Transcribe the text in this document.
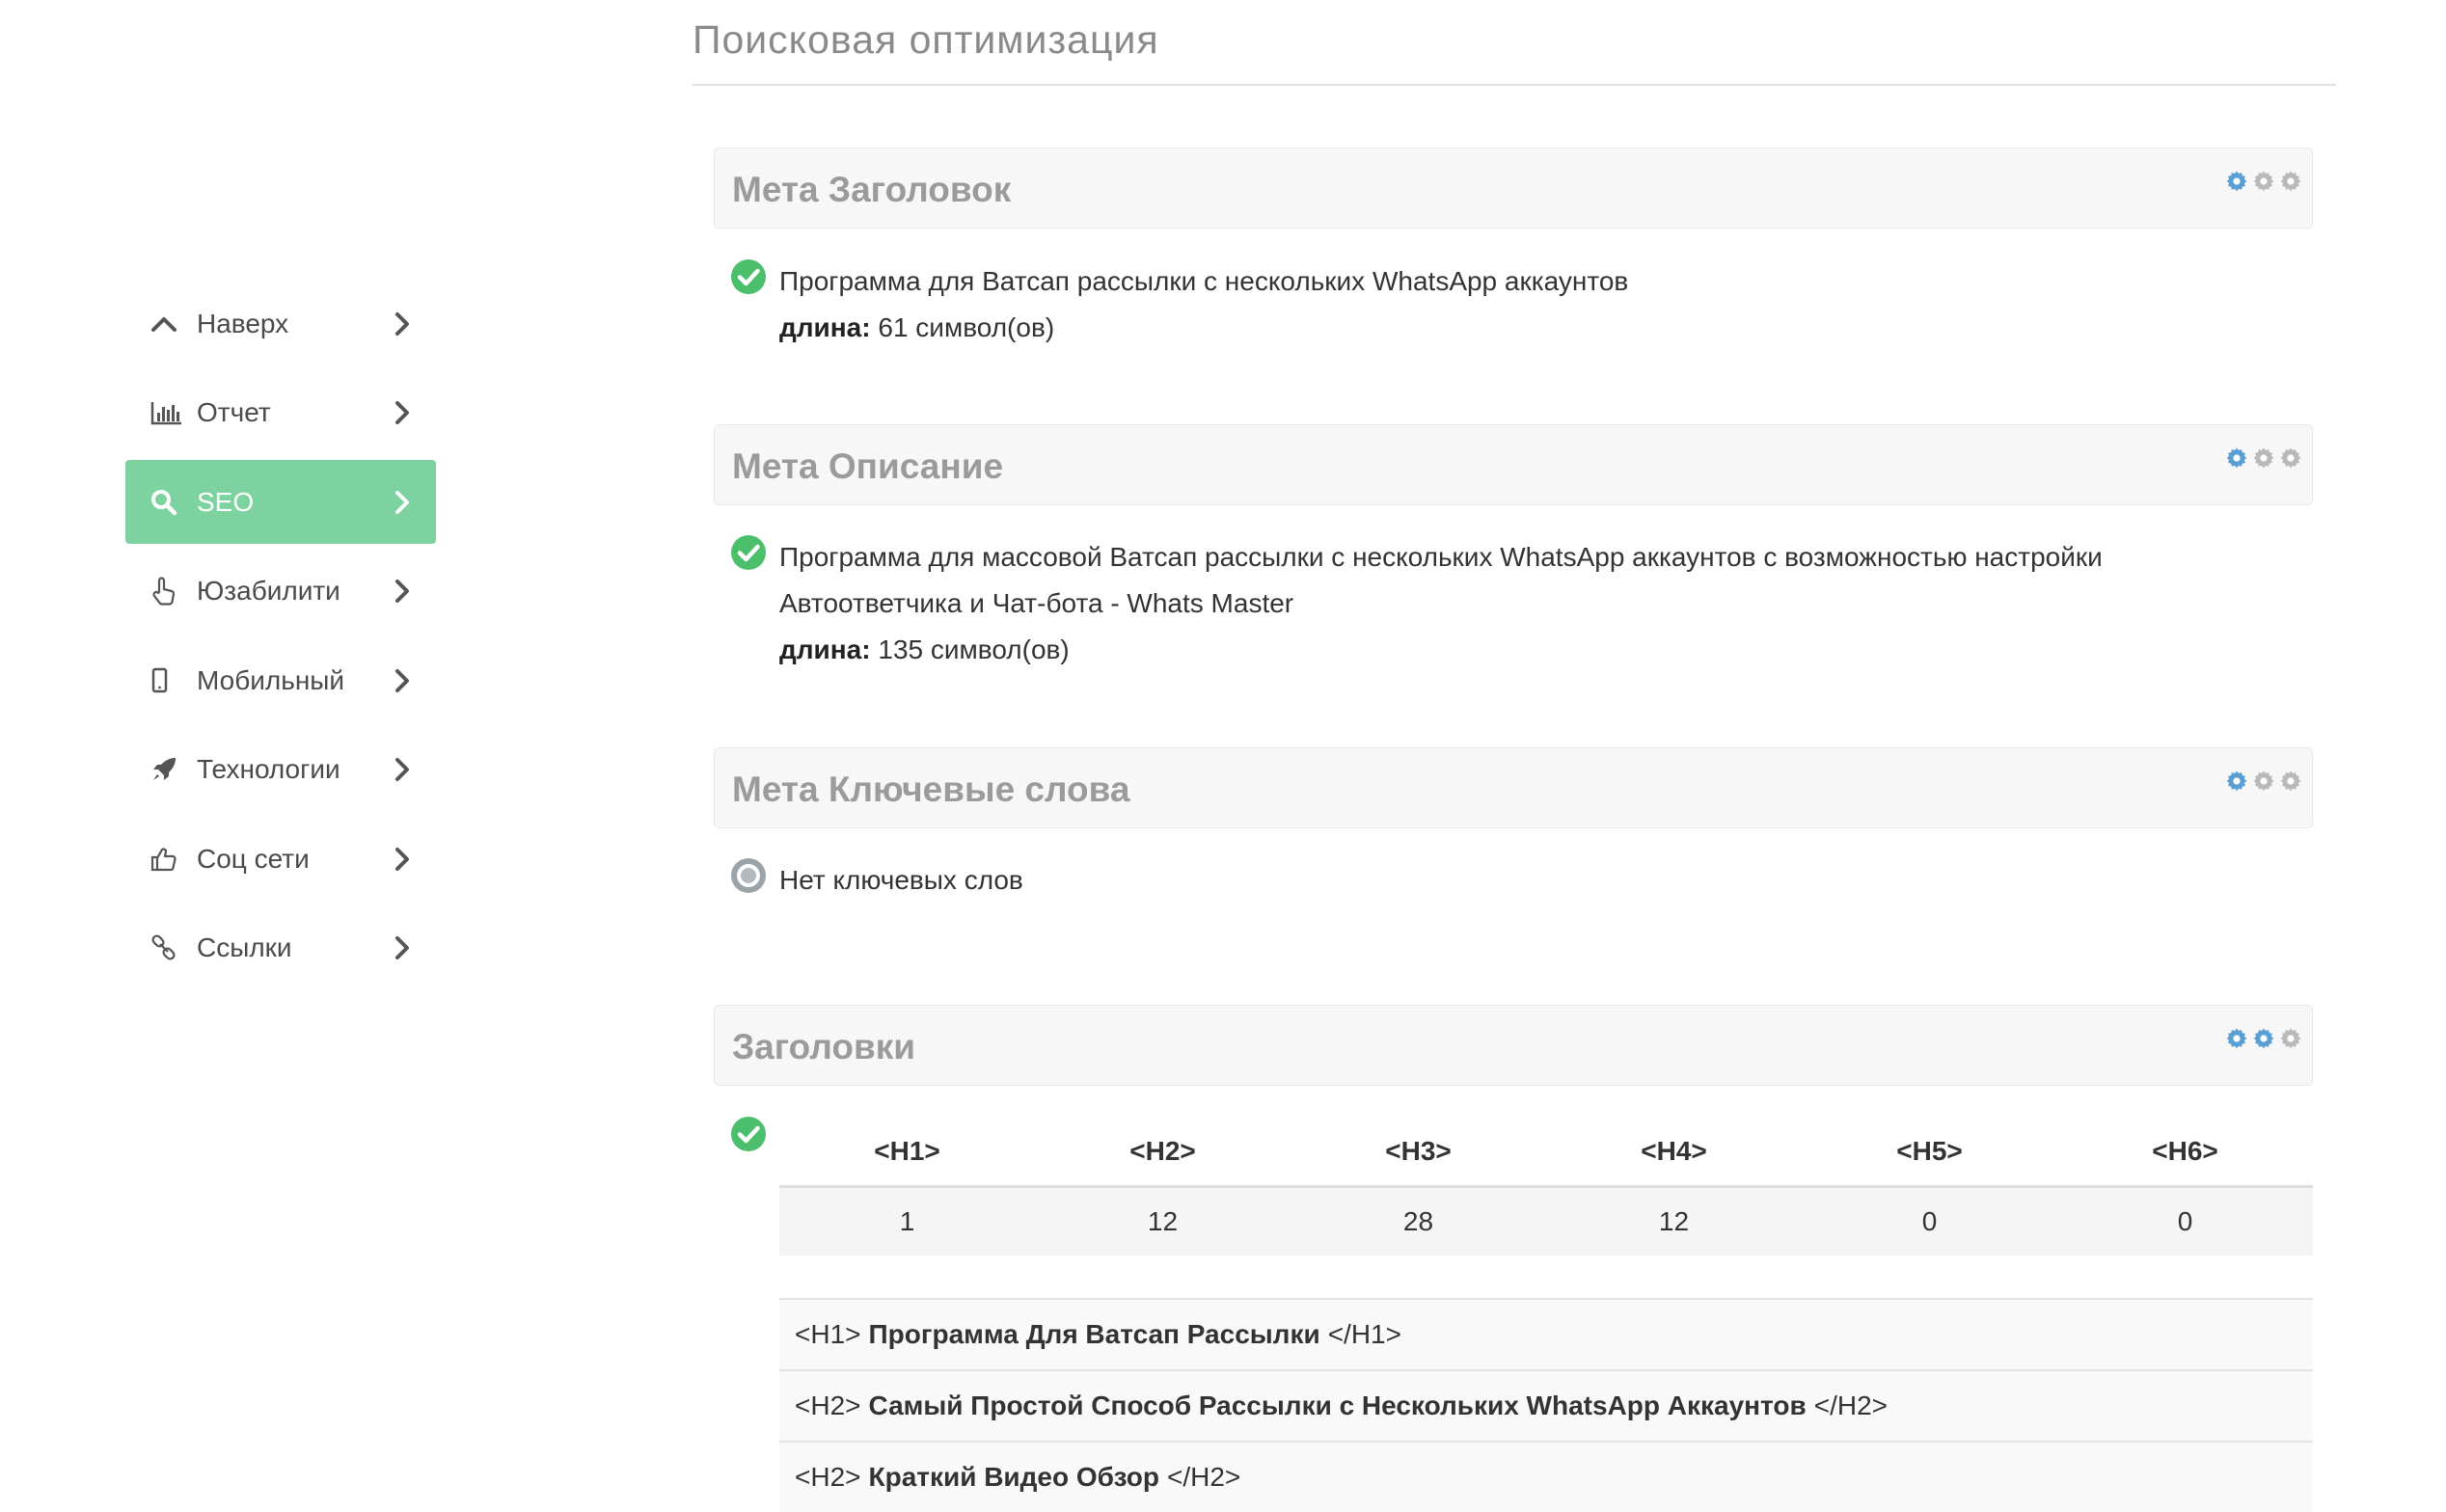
Наверх
Отчет
SEO
Юзабилити
Мобильный
Технологии
Соц сети
Ссылки
Поисковая оптимизация
Мета Заголовок
Программа для Ватсап рассылки с нескольких WhatsApp аккаунтов
длина: 61 символ(ов)
Мета Описание
Программа для массовой Ватсап рассылки с нескольких WhatsApp аккаунтов с возможностью настройки
Автоответчика и Чат-бота - Whats Master
длина: 135 символ(ов)
Мета Ключевые слова
Нет ключевых слов
Заголовки
<H1>	<H2>	<H3>	<H4>	<H5>	<H6>
1	12	28	12	0	0
<H1> Программа Для Ватсап Рассылки </H1>
<H2> Самый Простой Способ Рассылки с Нескольких WhatsApp Аккаунтов </H2>
<H2> Краткий Видео Обзор </H2>
